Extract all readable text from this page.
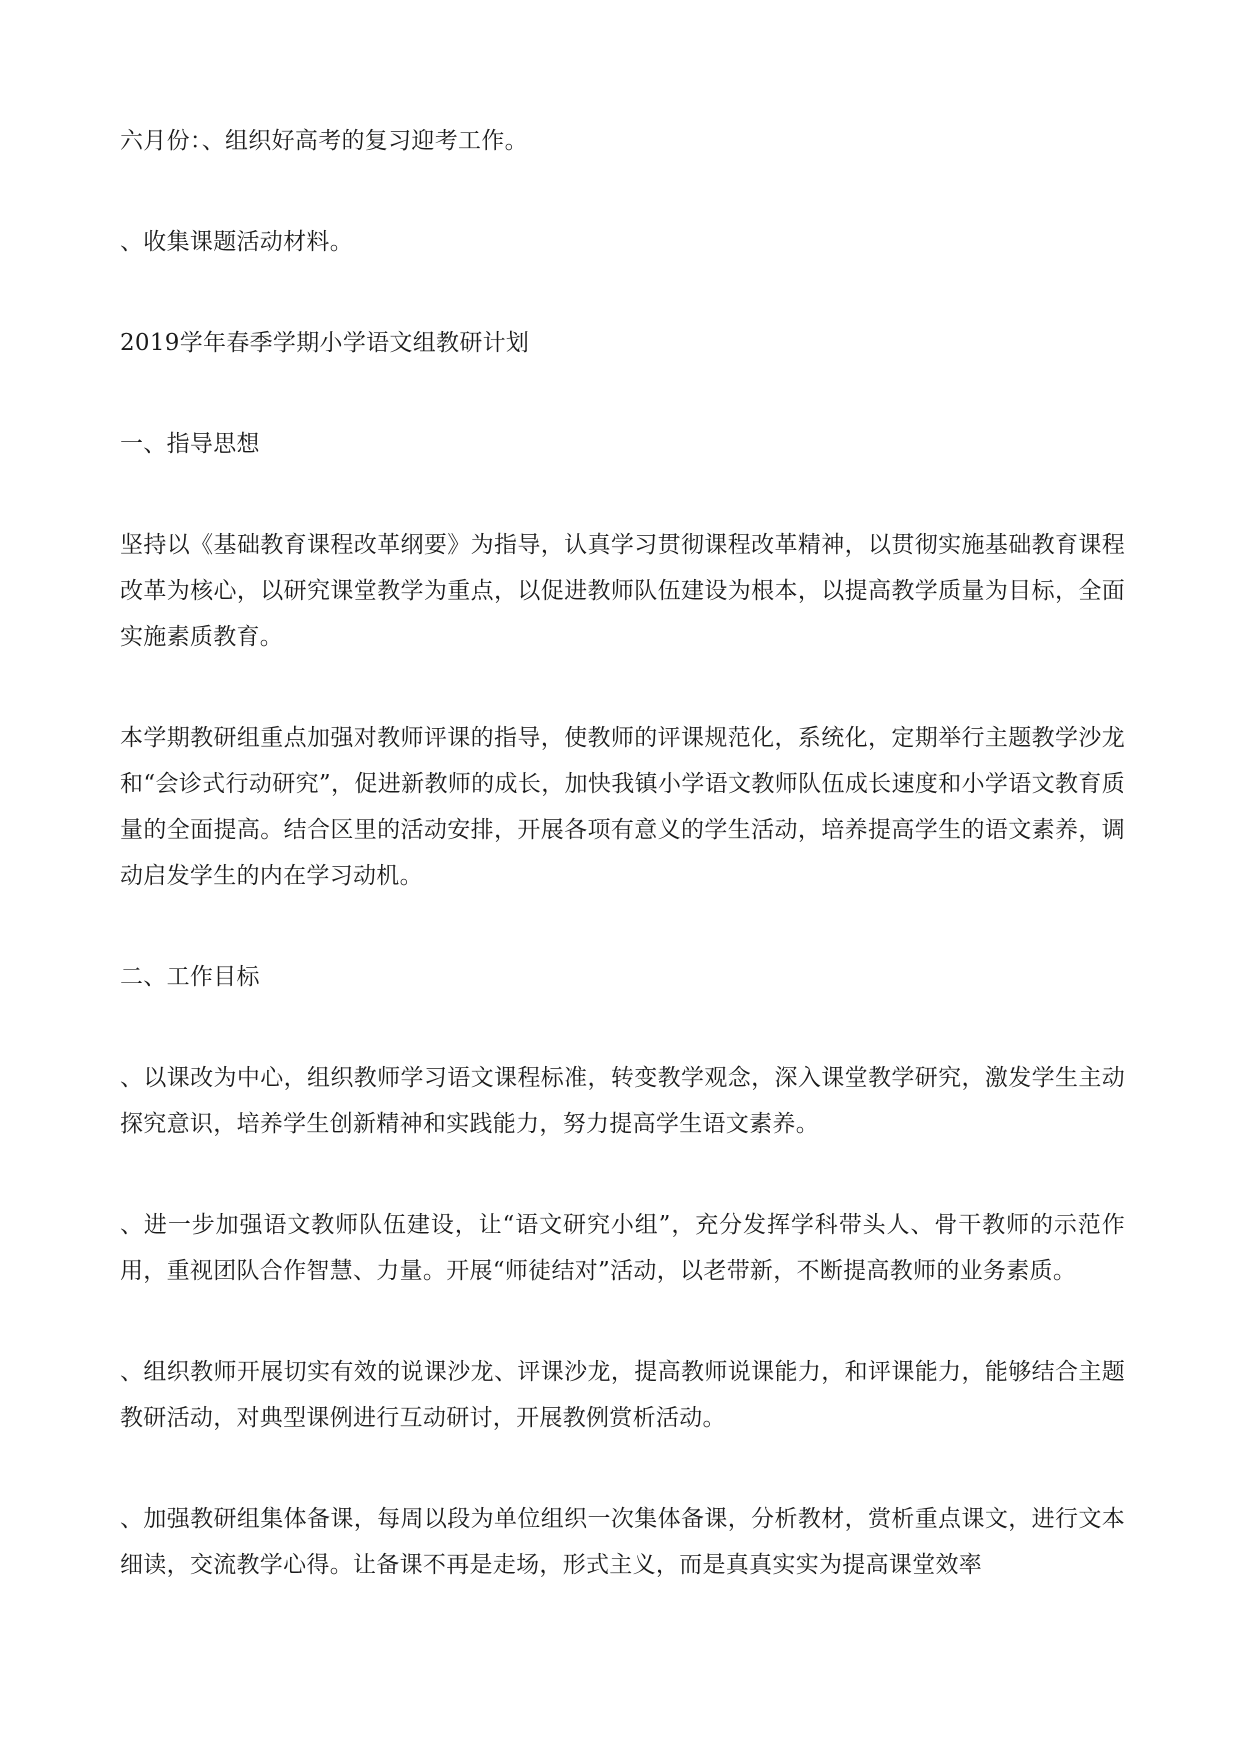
六月份：、组织好高考的复习迎考工作。

、收集课题活动材料。

2019学年春季学期小学语文组教研计划

一、指导思想

坚持以《基础教育课程改革纲要》为指导，认真学习贯彻课程改革精神，以贯彻实施基础教育课程改革为核心，以研究课堂教学为重点，以促进教师队伍建设为根本，以提高教学质量为目标，全面实施素质教育。

本学期教研组重点加强对教师评课的指导，使教师的评课规范化，系统化，定期举行主题教学沙龙和“会诊式行动研究”，促进新教师的成长，加快我镇小学语文教师队伍成长速度和小学语文教育质量的全面提高。结合区里的活动安排，开展各项有意义的学生活动，培养提高学生的语文素养，调动启发学生的内在学习动机。

二、工作目标

、以课改为中心，组织教师学习语文课程标准，转变教学观念，深入课堂教学研究，激发学生主动探究意识，培养学生创新精神和实践能力，努力提高学生语文素养。

、进一步加强语文教师队伍建设，让“语文研究小组”，充分发挥学科带头人、骨干教师的示范作用，重视团队合作智慧、力量。开展“师徒结对”活动，以老带新，不断提高教师的业务素质。

、组织教师开展切实有效的说课沙龙、评课沙龙，提高教师说课能力，和评课能力，能够结合主题教研活动，对典型课例进行互动研讨，开展教例赏析活动。

、加强教研组集体备课，每周以段为单位组织一次集体备课，分析教材，赏析重点课文，进行文本细读，交流教学心得。让备课不再是走场，形式主义，而是真真实实为提高课堂效率
